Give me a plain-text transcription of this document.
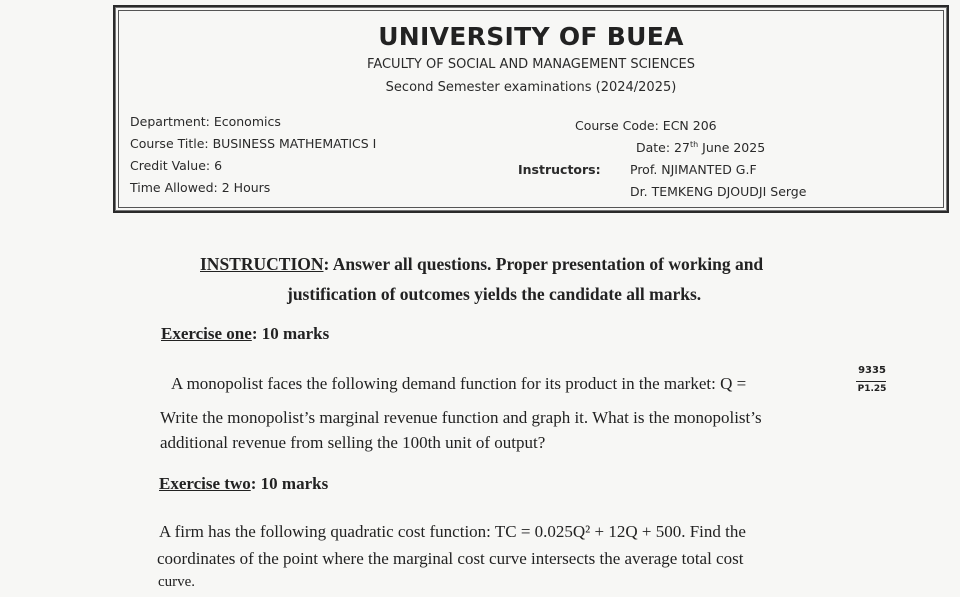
UNIVERSITY OF BUEA
FACULTY OF SOCIAL AND MANAGEMENT SCIENCES
Second Semester examinations (2024/2025)
Department: Economics
Course Title: BUSINESS MATHEMATICS I
Credit Value: 6
Time Allowed: 2 Hours
Course Code: ECN 206
Date: 27th June 2025
Instructors: Prof. NJIMANTED G.F
Dr. TEMKENG DJOUDJI Serge
INSTRUCTION: Answer all questions. Proper presentation of working and
justification of outcomes yields the candidate all marks.
Exercise one: 10 marks
A monopolist faces the following demand function for its product in the market: Q =
9335
P1.25
Write the monopolist’s marginal revenue function and graph it. What is the monopolist’s
additional revenue from selling the 100th unit of output?
Exercise two: 10 marks
A firm has the following quadratic cost function: TC = 0.025Q² + 12Q + 500. Find the
coordinates of the point where the marginal cost curve intersects the average total cost
curve.
